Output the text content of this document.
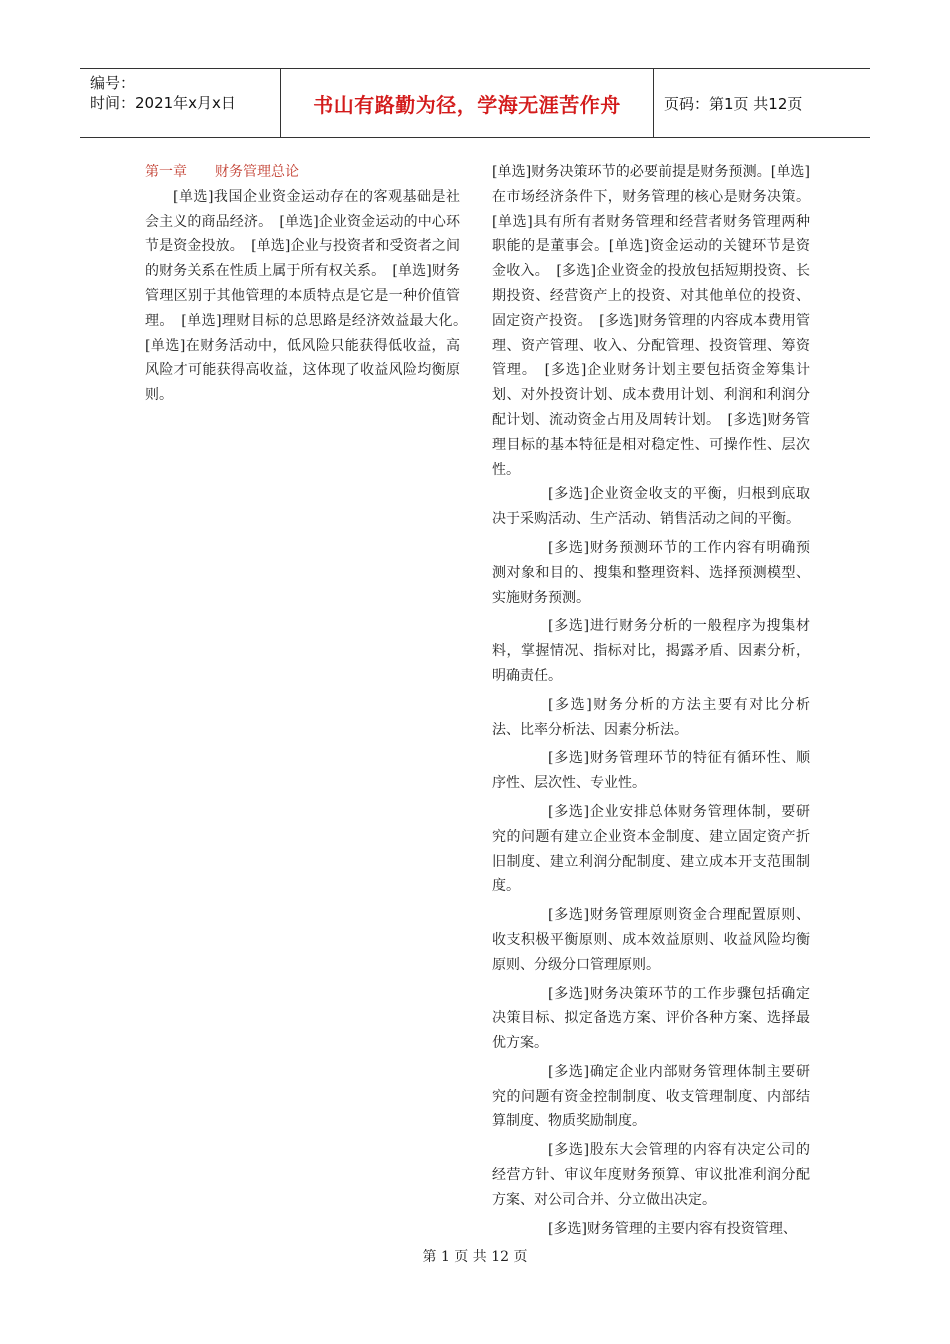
编号：
时间：2021年x月x日	书山有路勤为径，学海无涯苦作舟	页码：第1页 共12页

第一章 财务管理总论

[单选]我国企业资金运动存在的客观基础是社会主义的商品经济。　[单选]企业资金运动的中心环节是资金投放。　[单选]企业与投资者和受资者之间的财务关系在性质上属于所有权关系。　[单选]财务管理区别于其他管理的本质特点是它是一种价值管理。　[单选]理财目标的总思路是经济效益最大化。　[单选]在财务活动中，低风险只能获得低收益，高风险才可能获得高收益，这体现了收益风险均衡原则。

[单选]财务决策环节的必要前提是财务预测。[单选]在市场经济条件下，财务管理的核心是财务决策。[单选]具有所有者财务管理和经营者财务管理两种职能的是董事会。[单选]资金运动的关键环节是资金收入。　[多选]企业资金的投放包括短期投资、长期投资、经营资产上的投资、对其他单位的投资、固定资产投资。　[多选]财务管理的内容成本费用管理、资产管理、收入、分配管理、投资管理、筹资管理。　[多选]企业财务计划主要包括资金筹集计划、对外投资计划、成本费用计划、利润和利润分配计划、流动资金占用及周转计划。　[多选]财务管理目标的基本特征是相对稳定性、可操作性、层次性。

[多选]企业资金收支的平衡，归根到底取决于采购活动、生产活动、销售活动之间的平衡。

[多选]财务预测环节的工作内容有明确预测对象和目的、搜集和整理资料、选择预测模型、实施财务预测。

[多选]进行财务分析的一般程序为搜集材料，掌握情况、指标对比，揭露矛盾、因素分析，明确责任。

[多选]财务分析的方法主要有对比分析法、比率分析法、因素分析法。

[多选]财务管理环节的特征有循环性、顺序性、层次性、专业性。

[多选]企业安排总体财务管理体制，要研究的问题有建立企业资本金制度、建立固定资产折旧制度、建立利润分配制度、建立成本开支范围制度。

[多选]财务管理原则资金合理配置原则、收支积极平衡原则、成本效益原则、收益风险均衡原则、分级分口管理原则。

[多选]财务决策环节的工作步骤包括确定决策目标、拟定备选方案、评价各种方案、选择最优方案。

[多选]确定企业内部财务管理体制主要研究的问题有资金控制制度、收支管理制度、内部结算制度、物质奖励制度。

[多选]股东大会管理的内容有决定公司的经营方针、审议年度财务预算、审议批准利润分配方案、对公司合并、分立做出决定。

[多选]财务管理的主要内容有投资管理、

第 1 页 共 12 页
